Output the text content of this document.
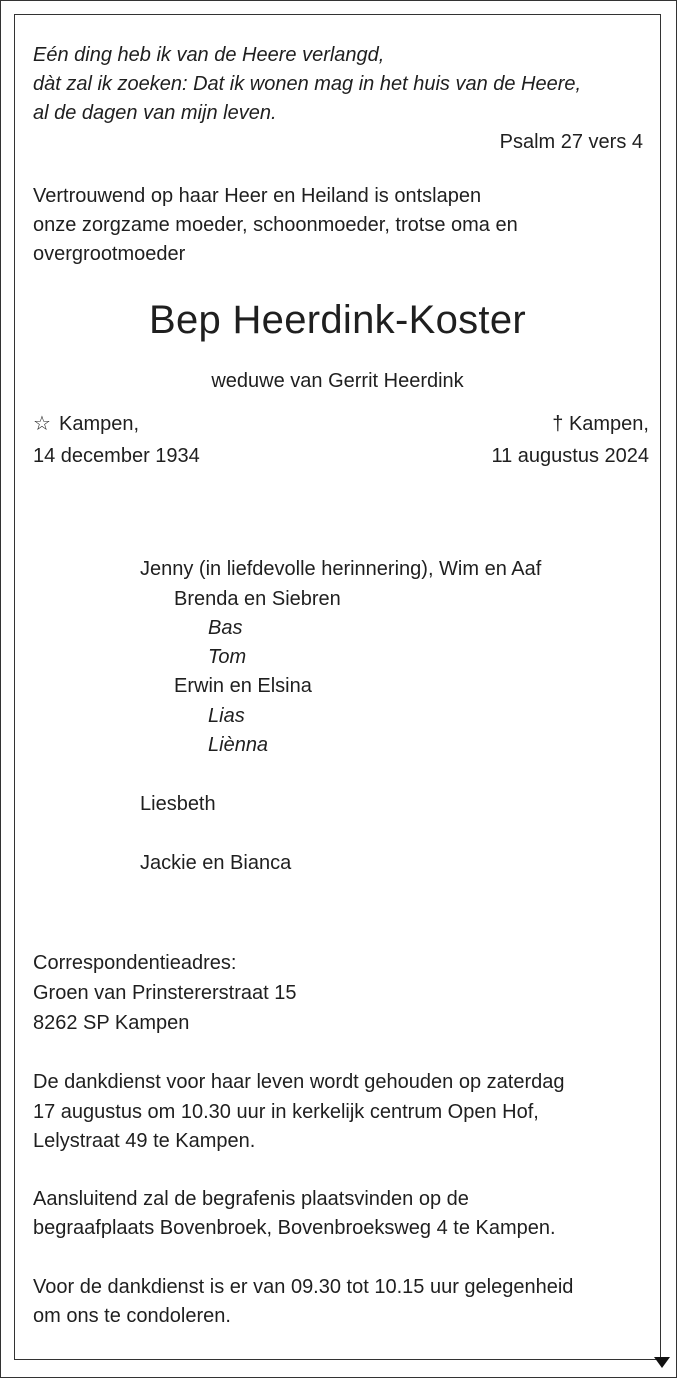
Eén ding heb ik van de Heere verlangd,
dàt zal ik zoeken: Dat ik wonen mag in het huis van de Heere,
al de dagen van mijn leven.
Psalm 27 vers 4
Vertrouwend op haar Heer en Heiland is ontslapen
onze zorgzame moeder, schoonmoeder, trotse oma en
overgrootmoeder
Bep Heerdink-Koster
weduwe van Gerrit Heerdink
☆ Kampen,
14 december 1934
† Kampen,
11 augustus 2024
Jenny (in liefdevolle herinnering), Wim en Aaf
Brenda en Siebren
Bas
Tom
Erwin en Elsina
Lias
Liènna
Liesbeth
Jackie en Bianca
Correspondentieadres:
Groen van Prinstererstraat 15
8262 SP Kampen
De dankdienst voor haar leven wordt gehouden op zaterdag
17 augustus om 10.30 uur in kerkelijk centrum Open Hof,
Lelystraat 49 te Kampen.
Aansluitend zal de begrafenis plaatsvinden op de
begraafplaats Bovenbroek, Bovenbroeksweg 4 te Kampen.
Voor de dankdienst is er van 09.30 tot 10.15 uur gelegenheid
om ons te condoleren.
